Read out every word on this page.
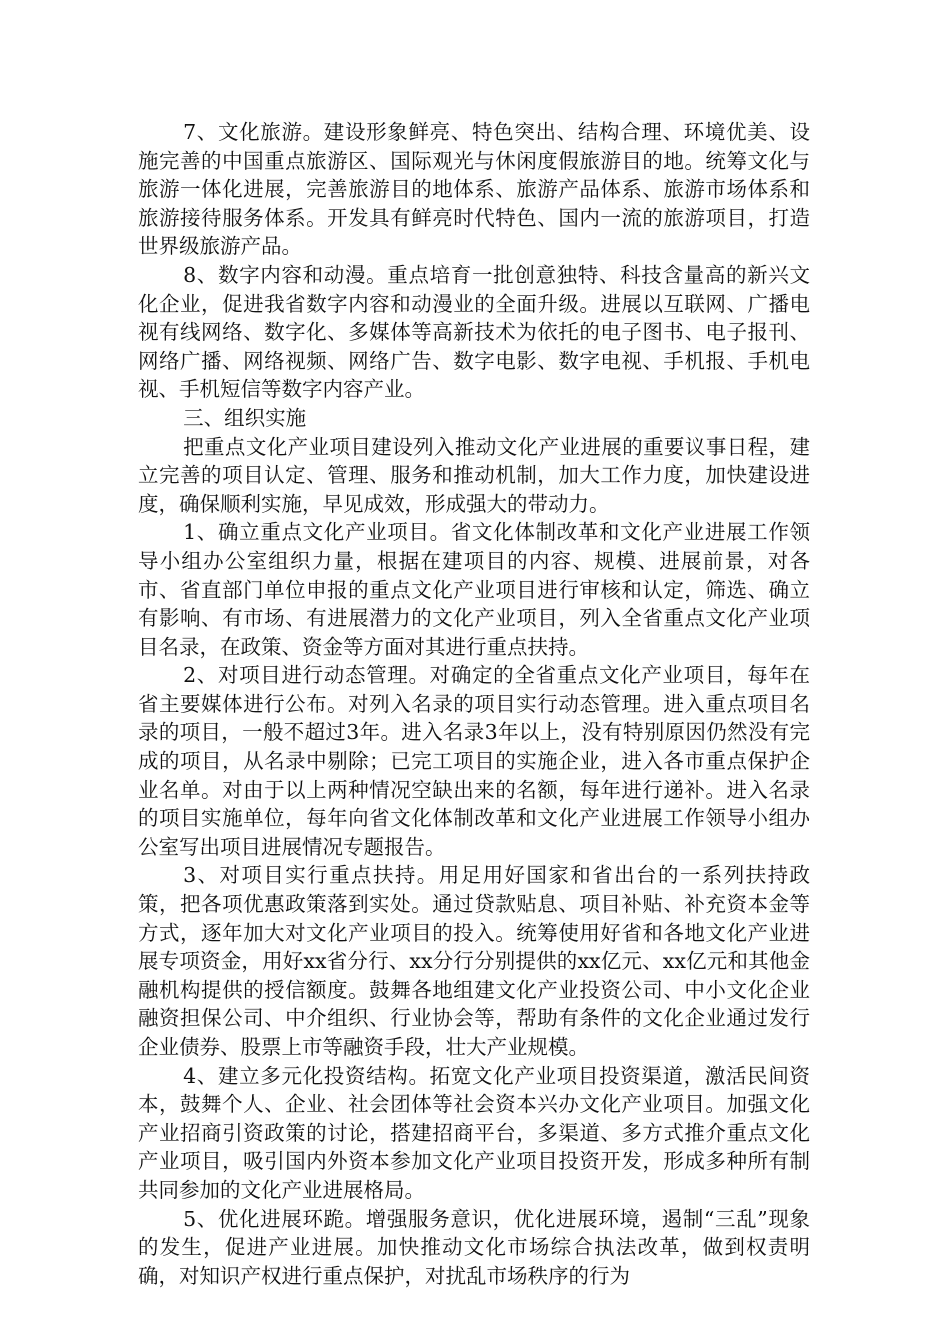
7、文化旅游。建设形象鲜亮、特色突出、结构合理、环境优美、设施完善的中国重点旅游区、国际观光与休闲度假旅游目的地。统筹文化与旅游一体化进展，完善旅游目的地体系、旅游产品体系、旅游市场体系和旅游接待服务体系。开发具有鲜亮时代特色、国内一流的旅游项目，打造世界级旅游产品。

8、数字内容和动漫。重点培育一批创意独特、科技含量高的新兴文化企业，促进我省数字内容和动漫业的全面升级。进展以互联网、广播电视有线网络、数字化、多媒体等高新技术为依托的电子图书、电子报刊、网络广播、网络视频、网络广告、数字电影、数字电视、手机报、手机电视、手机短信等数字内容产业。

三、组织实施

把重点文化产业项目建设列入推动文化产业进展的重要议事日程，建立完善的项目认定、管理、服务和推动机制，加大工作力度，加快建设进度，确保顺利实施，早见成效，形成强大的带动力。

1、确立重点文化产业项目。省文化体制改革和文化产业进展工作领导小组办公室组织力量，根据在建项目的内容、规模、进展前景，对各市、省直部门单位申报的重点文化产业项目进行审核和认定，筛选、确立有影响、有市场、有进展潜力的文化产业项目，列入全省重点文化产业项目名录，在政策、资金等方面对其进行重点扶持。

2、对项目进行动态管理。对确定的全省重点文化产业项目，每年在省主要媒体进行公布。对列入名录的项目实行动态管理。进入重点项目名录的项目，一般不超过3年。进入名录3年以上，没有特别原因仍然没有完成的项目，从名录中剔除；已完工项目的实施企业，进入各市重点保护企业名单。对由于以上两种情况空缺出来的名额，每年进行递补。进入名录的项目实施单位，每年向省文化体制改革和文化产业进展工作领导小组办公室写出项目进展情况专题报告。

3、对项目实行重点扶持。用足用好国家和省出台的一系列扶持政策，把各项优惠政策落到实处。通过贷款贴息、项目补贴、补充资本金等方式，逐年加大对文化产业项目的投入。统筹使用好省和各地文化产业进展专项资金，用好xx省分行、xx分行分别提供的xx亿元、xx亿元和其他金融机构提供的授信额度。鼓舞各地组建文化产业投资公司、中小文化企业融资担保公司、中介组织、行业协会等，帮助有条件的文化企业通过发行企业债券、股票上市等融资手段，壮大产业规模。

4、建立多元化投资结构。拓宽文化产业项目投资渠道，激活民间资本，鼓舞个人、企业、社会团体等社会资本兴办文化产业项目。加强文化产业招商引资政策的讨论，搭建招商平台，多渠道、多方式推介重点文化产业项目，吸引国内外资本参加文化产业项目投资开发，形成多种所有制共同参加的文化产业进展格局。

5、优化进展环跪。增强服务意识，优化进展环境，遏制“三乱”现象的发生，促进产业进展。加快推动文化市场综合执法改革，做到权责明确，对知识产权进行重点保护，对扰乱市场秩序的行为
